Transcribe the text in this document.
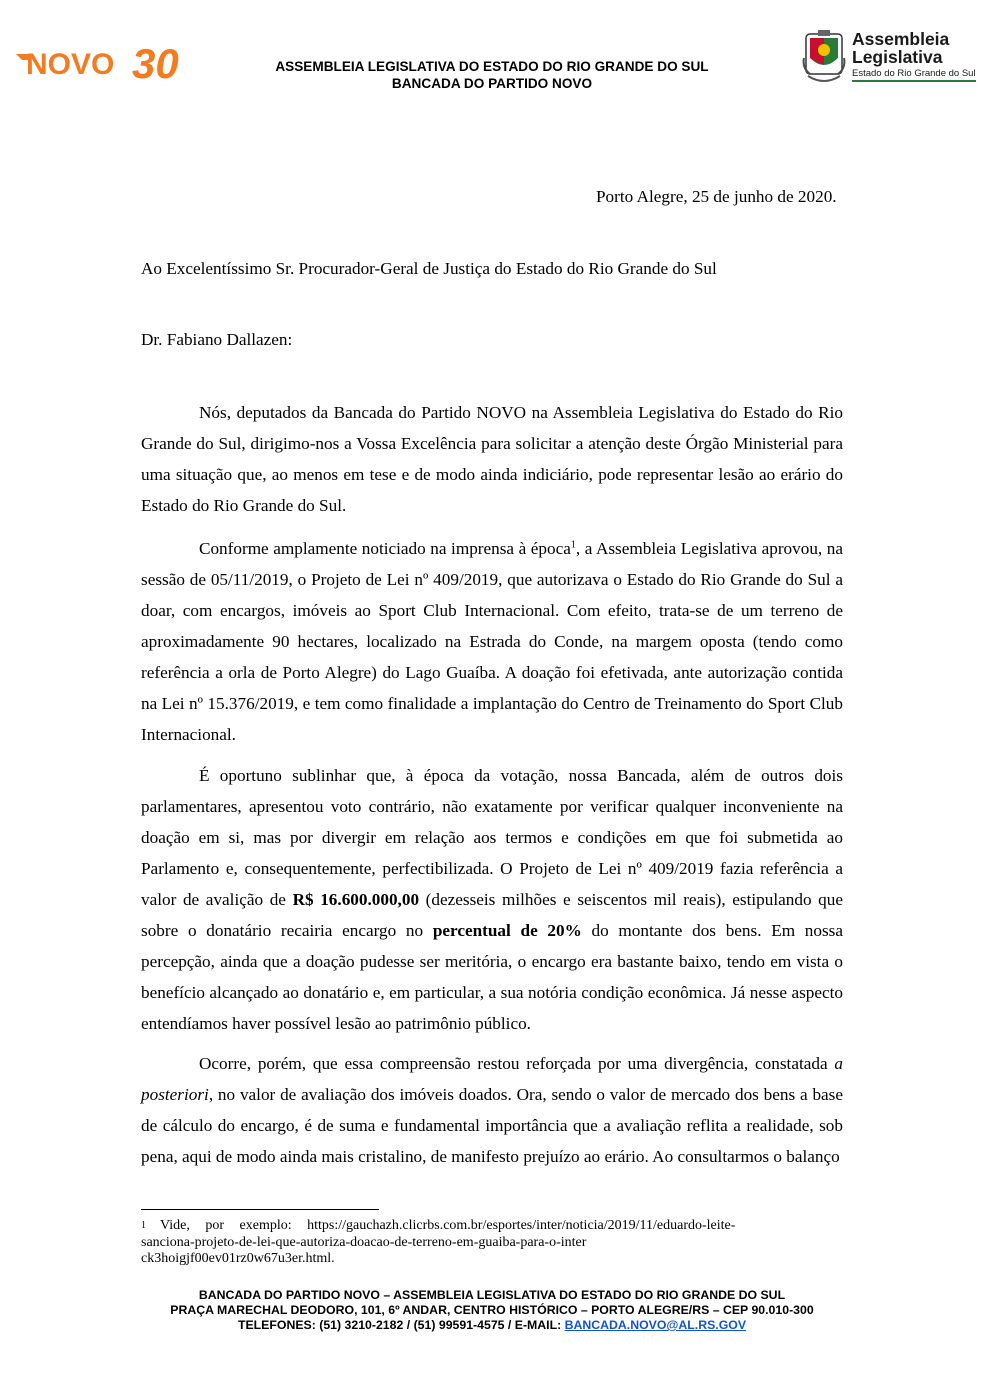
NOVO 30	ASSEMBLEIA LEGISLATIVA DO ESTADO DO RIO GRANDE DO SUL
BANCADA DO PARTIDO NOVO
Assembleia
Legislativa
Estado do Rio Grande do Sul
Porto Alegre, 25 de junho de 2020.
Ao Excelentíssimo Sr. Procurador-Geral de Justiça do Estado do Rio Grande do Sul
Dr. Fabiano Dallazen:
Nós, deputados da Bancada do Partido NOVO na Assembleia Legislativa do Estado do Rio Grande do Sul, dirigimo-nos a Vossa Excelência para solicitar a atenção deste Órgão Ministerial para uma situação que, ao menos em tese e de modo ainda indiciário, pode representar lesão ao erário do Estado do Rio Grande do Sul.
Conforme amplamente noticiado na imprensa à época$^1$, a Assembleia Legislativa aprovou, na sessão de 05/11/2019, o Projeto de Lei nº 409/2019, que autorizava o Estado do Rio Grande do Sul a doar, com encargos, imóveis ao Sport Club Internacional. Com efeito, trata-se de um terreno de aproximadamente 90 hectares, localizado na Estrada do Conde, na margem oposta (tendo como referência a orla de Porto Alegre) do Lago Guaíba. A doação foi efetivada, ante autorização contida na Lei nº 15.376/2019, e tem como finalidade a implantação do Centro de Treinamento do Sport Club Internacional.
É oportuno sublinhar que, à época da votação, nossa Bancada, além de outros dois parlamentares, apresentou voto contrário, não exatamente por verificar qualquer inconveniente na doação em si, mas por divergir em relação aos termos e condições em que foi submetida ao Parlamento e, consequentemente, perfectibilizada. O Projeto de Lei nº 409/2019 fazia referência a valor de avalição de R$ 16.600.000,00 (dezesseis milhões e seiscentos mil reais), estipulando que sobre o donatário recairia encargo no percentual de 20% do montante dos bens. Em nossa percepção, ainda que a doação pudesse ser meritória, o encargo era bastante baixo, tendo em vista o benefício alcançado ao donatário e, em particular, a sua notória condição econômica. Já nesse aspecto entendíamos haver possível lesão ao patrimônio público.
Ocorre, porém, que essa compreensão restou reforçada por uma divergência, constatada a posteriori, no valor de avaliação dos imóveis doados. Ora, sendo o valor de mercado dos bens a base de cálculo do encargo, é de suma e fundamental importância que a avaliação reflita a realidade, sob pena, aqui de modo ainda mais cristalino, de manifesto prejuízo ao erário. Ao consultarmos o balanço
$^1$ Vide, por exemplo: https://gauchazh.clicrbs.com.br/esportes/inter/noticia/2019/11/eduardo-leite-
sanciona-projeto-de-lei-que-autoriza-doacao-de-terreno-em-guaiba-para-o-inter
ck3hoigjf00ev01rz0w67u3er.html.
BANCADA DO PARTIDO NOVO – ASSEMBLEIA LEGISLATIVA DO ESTADO DO RIO GRANDE DO SUL
PRAÇA MARECHAL DEODORO, 101, 6º ANDAR, CENTRO HISTÓRICO – PORTO ALEGRE/RS – CEP 90.010-300
TELEFONES: (51) 3210-2182 / (51) 99591-4575 / E-MAIL: BANCADA.NOVO@AL.RS.GOV
